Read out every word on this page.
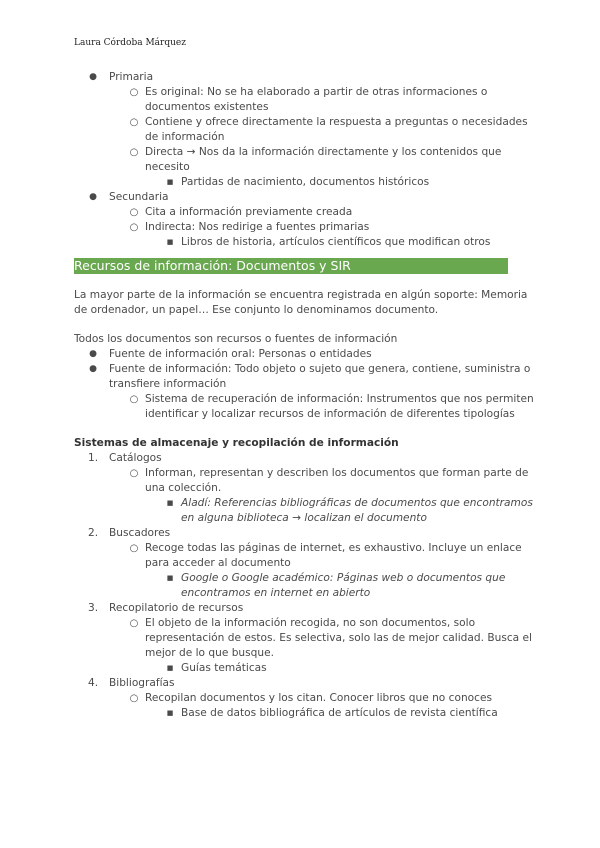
Laura Córdoba Márquez
● Primaria
○ Es original: No se ha elaborado a partir de otras informaciones o documentos existentes
○ Contiene y ofrece directamente la respuesta a preguntas o necesidades de información
○ Directa → Nos da la información directamente y los contenidos que necesito
■ Partidas de nacimiento, documentos históricos
● Secundaria
○ Cita a información previamente creada
○ Indirecta: Nos redirige a fuentes primarias
■ Libros de historia, artículos científicos que modifican otros
Recursos de información: Documentos y SIR

La mayor parte de la información se encuentra registrada en algún soporte: Memoria de ordenador, un papel… Ese conjunto lo denominamos documento.

Todos los documentos son recursos o fuentes de información

● Fuente de información oral: Personas o entidades
● Fuente de información: Todo objeto o sujeto que genera, contiene, suministra o transfiere información
○ Sistema de recuperación de información: Instrumentos que nos permiten identificar y localizar recursos de información de diferentes tipologías

Sistemas de almacenaje y recopilación de información

1. Catálogos
○ Informan, representan y describen los documentos que forman parte de una colección.
■ Aladí: Referencias bibliográficas de documentos que encontramos en alguna biblioteca → localizan el documento
2. Buscadores
○ Recoge todas las páginas de internet, es exhaustivo. Incluye un enlace para acceder al documento
■ Google o Google académico: Páginas web o documentos que encontramos en internet en abierto
3. Recopilatorio de recursos
○ El objeto de la información recogida, no son documentos, solo representación de estos. Es selectiva, solo las de mejor calidad. Busca el mejor de lo que busque.
■ Guías temáticas
4. Bibliografías
○ Recopilan documentos y los citan. Conocer libros que no conoces
■ Base de datos bibliográfica de artículos de revista científica
